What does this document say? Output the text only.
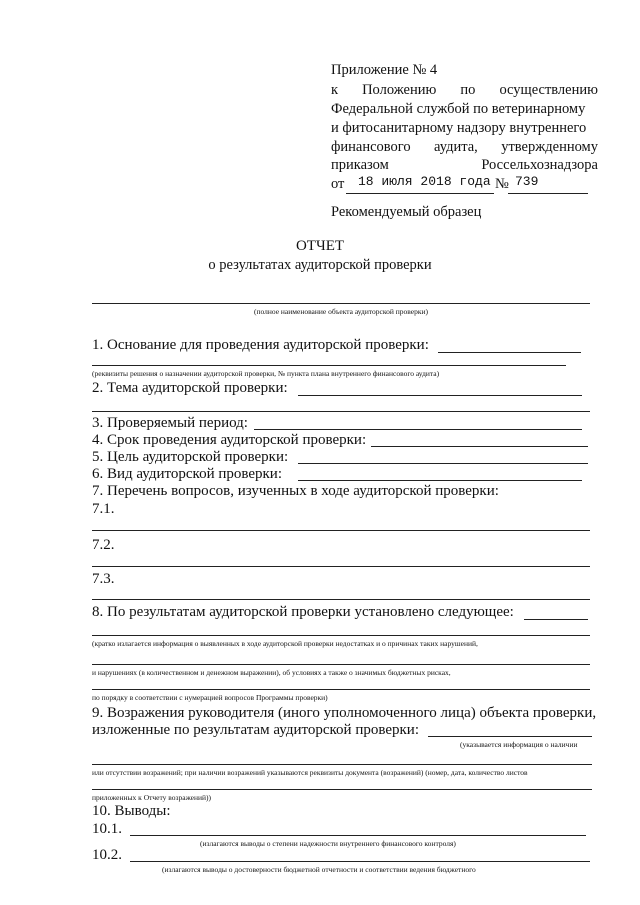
Приложение № 4
к Положению по осуществлению
Федеральной службой по ветеринарному
и фитосанитарному надзору внутреннего
финансового аудита, утвержденному
приказом	Россельхознадзора
от 18 июля 2018 года № 739
Рекомендуемый образец
ОТЧЕТ
о результатах аудиторской проверки
(полное наименование объекта аудиторской проверки)
1. Основание для проведения аудиторской проверки:
(реквизиты решения о назначении аудиторской проверки, № пункта плана внутреннего финансового аудита)
2. Тема аудиторской проверки:
3. Проверяемый период:
4. Срок проведения аудиторской проверки:
5. Цель аудиторской проверки:
6. Вид аудиторской проверки:
7. Перечень вопросов, изученных в ходе аудиторской проверки:
7.1.
7.2.
7.3.
8. По результатам аудиторской проверки установлено следующее:
(кратко излагается информация о выявленных в ходе аудиторской проверки недостатках и о причинах таких нарушений,
и нарушениях (в количественном и денежном выражении), об условиях а также о значимых бюджетных рисках,
по порядку в соответствии с нумерацией вопросов Программы проверки)
9. Возражения руководителя (иного уполномоченного лица) объекта проверки,
изложенные по результатам аудиторской проверки:
(указывается информация о наличии
или отсутствии возражений; при наличии возражений указываются реквизиты документа (возражений) (номер, дата, количество листов
приложенных к Отчету возражений))
10. Выводы:
10.1.
(излагаются выводы о степени надежности внутреннего финансового контроля)
10.2.
(излагаются выводы о достоверности бюджетной отчетности и соответствии ведения бюджетного
